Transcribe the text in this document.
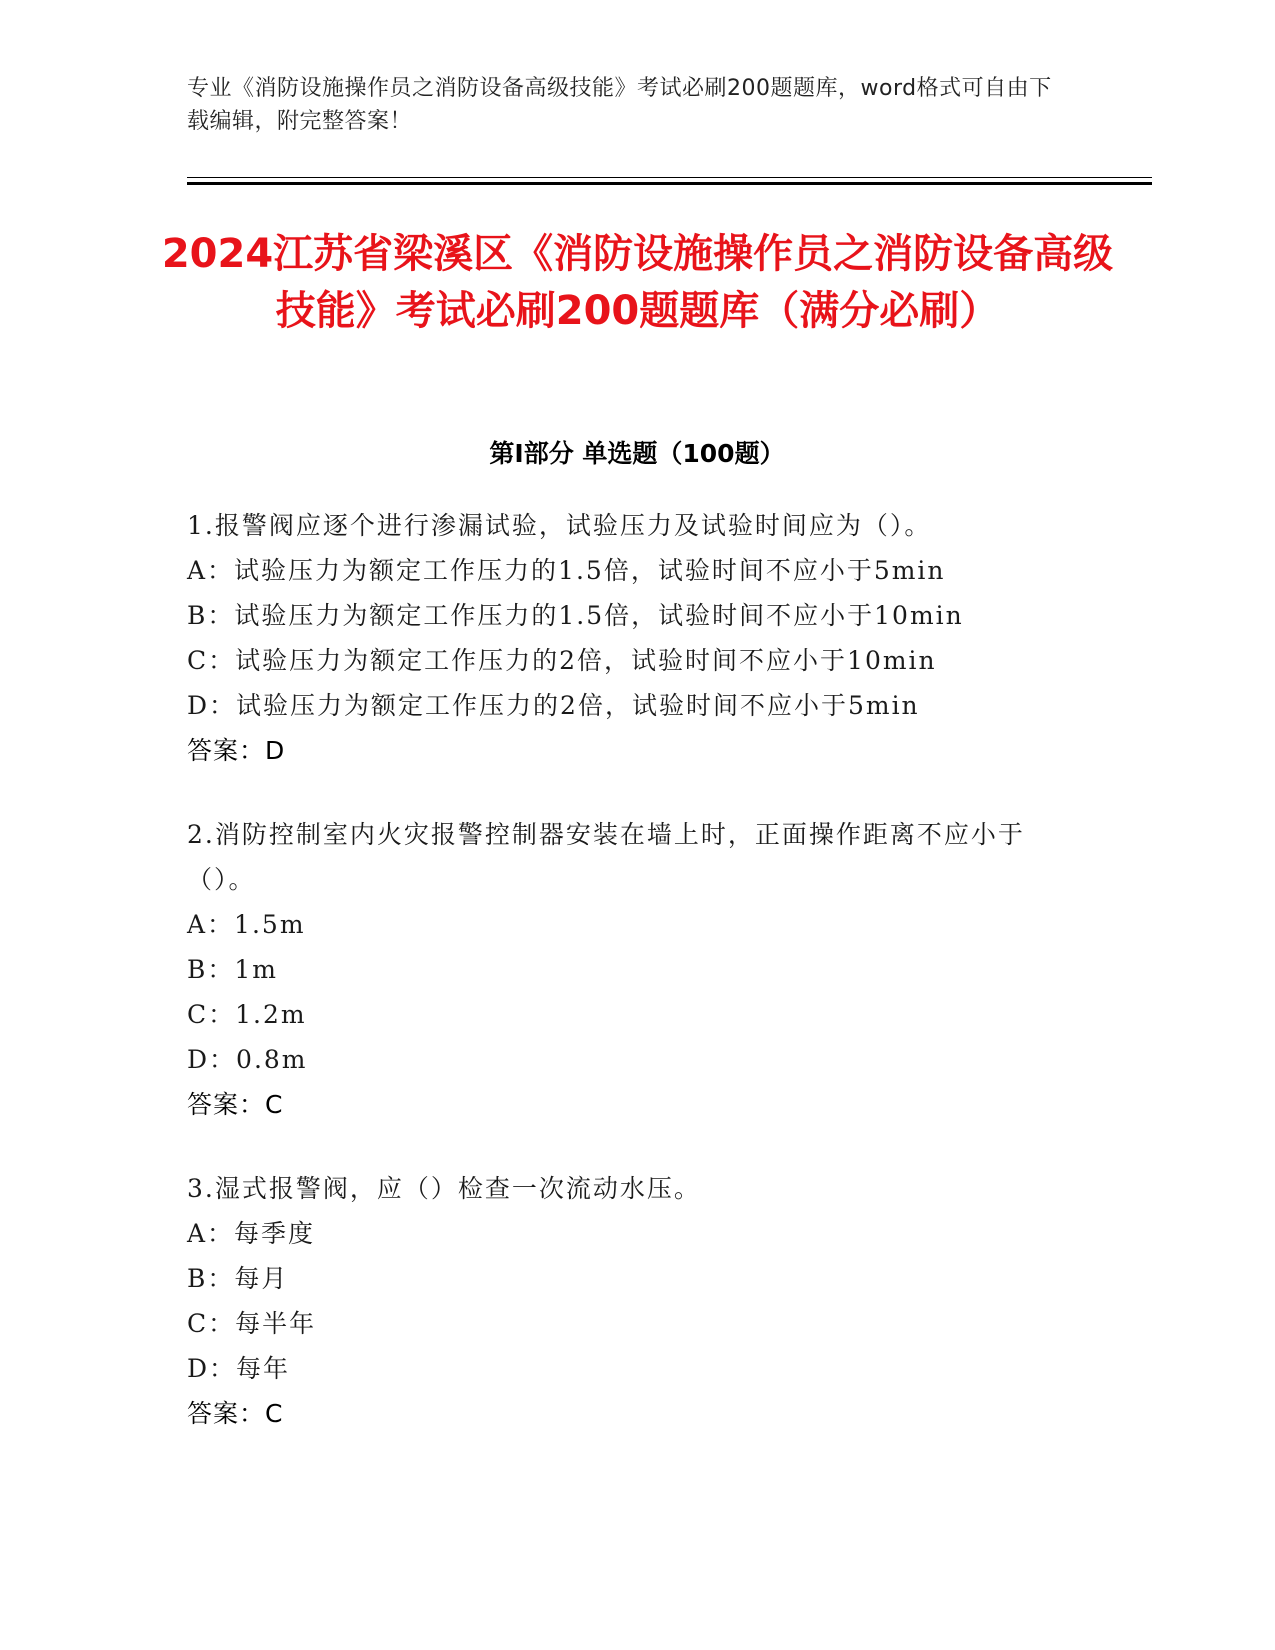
专业《消防设施操作员之消防设备高级技能》考试必刷200题题库，word格式可自由下载编辑，附完整答案！
2024江苏省梁溪区《消防设施操作员之消防设备高级技能》考试必刷200题题库（满分必刷）
第Ⅰ部分 单选题（100题）
1.报警阀应逐个进行渗漏试验，试验压力及试验时间应为（）。
A：试验压力为额定工作压力的1.5倍，试验时间不应小于5min
B：试验压力为额定工作压力的1.5倍，试验时间不应小于10min
C：试验压力为额定工作压力的2倍，试验时间不应小于10min
D：试验压力为额定工作压力的2倍，试验时间不应小于5min
答案：D
2.消防控制室内火灾报警控制器安装在墙上时，正面操作距离不应小于（）。
A：1.5m
B：1m
C：1.2m
D：0.8m
答案：C
3.湿式报警阀，应（）检查一次流动水压。
A：每季度
B：每月
C：每半年
D：每年
答案：C
